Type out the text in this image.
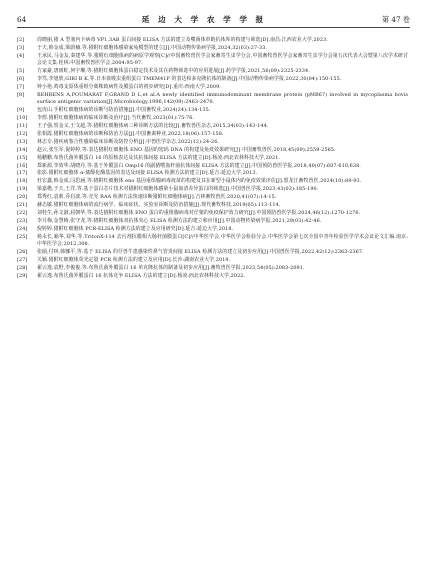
64	延 边 大 学 农 学 学 报	第 47 卷
[2]	周晓丽,猪 A 型塞内卡病毒 VP1,3AB 蛋白间接 ELISA 方法的建立及噬菌体单链抗体库的构建与筛选[D].南昌:江西农业大学,2023.
[3]	于天,韩金成,梁蔚楠,等.猪附红细胞体感染家兔模型的建立[J].中国动物传染病学报,2024,32(03):27-33.
[4]	王承民,马金友,秦建华,等.猪附红细胞体病的病原学观察[C]//中国畜牧兽医学会家畜寄生虫学分会,中国畜牧兽医学会家畜寄生虫学分会第五次代表大会暨第八次学术研讨会论文集.桂林:中国畜牧兽医学会,2004:95-97.
[5]	方家豪,唐雨虹,何宇琳,等.猪附红细胞体蛋白稳定技术及其在药物筛选中的应用进展[J].药学学报,2021,56(09):2325-2334.
[6]	李笃,李旭欣,GIRI B K,等.日本血吸虫重组蛋白 TMEM41P 的表达和多克隆抗体的制备[J].中国动物传染病学报,2022,30(04):150-155.
[7]	钟小艳.鸡毒支原体重组分离株致病性及膜蛋白的初步研究[D].重庆:西南大学,2009.
[8]	BEHRENS A,POUMARAT F,GRAND D L,et al.A newly identified immunodominant membrane protein (pMB67) involved in mycoplasma bovis surface antigenic variation[J].Microbiology,1996,142(09):2463-2470.
[9]	包虎山.手附红细胞体病的诊断与防治措施[J].中国畜牧业,2024(24):134-135.
[10]	李煜.猪附红细胞体病的临床诊断及治疗[J].当代畜牧,2023(01):75-76.
[11]	王子强,贺金义,王文超,等.猪附红细胞体病三种诊断方法的比较[J].畜牧兽医杂志,2015,34(03):143-144.
[12]	张相霞.猪附红细胞体病的诊断和防治方法[J].中国畜禽种业,2022,18(06):157-158.
[13]	林志专.猪疾病鉴合性感染临床诊断及防控分析[J].中兽医学杂志,2022(12):24-26.
[14]	赵云,张生军,倪婷婷,等.表达猪附红细胞体 ENO 基因的密码 DNA 的构建及免疫效果研究[J].中国畜牧兽医,2018,45(09):2559-2565.
[15]	杨鹏鹏.布鲁氏菌外膜蛋白 16 的原核表达及其抗体间接 ELISA 方法的建立[D].杨凌:西北农林科技大学,2021.
[16]	郑新源,李效华,胡晓丹,等.基于外膜蛋白 Omp16 的副猪嗜血杆菌抗体间接 ELISA 方法的建立[J].中国预防兽医学报,2018,40(07):607-610,638.
[17]	张影.猪附红细胞体 α-烯醇化酶基因的表达及间接 ELISA 检测方法的建立[D].延吉:延边大学,2013.
[18]	杜宏鑫,韩金成,闫思涵,等.猪附红细胞体 eno 基因重组腺病毒疫苗的构建及其在新型小鼠体内的免疫效果评估[J].黑龙江畜牧兽医,2024(10):89-93.
[19]	梁嘉楷,于天,王洋,等.基于蛋白芯片技术对猪附红细胞体感染小鼠血清差异蛋白的筛选[J].中国兽医学报,2023,43(03):185-190.
[20]	郑秀红,袁莉,乔启波,等.壳光 RAA 检测方法快速诊断猪附红细胞体病[J].吉林畜牧兽医,2020,41(07):14-15.
[21]	赫志敏.猪附红细胞体病的流行病学、临床症状、实验室诊断及防治措施[J].现代畜牧科技,2019(05):113-114.
[22]	刘桂生,孙文淑,屈朝华,等.表达猪附红细胞体 ENO 蛋白的重组腺病毒对仔猪的免疫保护效力研究[J].中国预防兽医学报,2024,46(12):1270-1276.
[23]	李月梅,金慧梅,张守龙,等.猪附红细胞体双抗体夹心 ELISA 检测方法的建立和应用[J].中国动物传染病学报,2021,29(03):42-46.
[24]	倪婷婷.猪附红细胞体 PCR-ELISA 检测方法的建立及应用研究[D].延吉:延边大学,2018.
[25]	杨永长,喻华,刘华,等.TritonX-114 去污剂抗膜相大肠杆菌膜蛋白[C]//中华医学会,中华医学会检验分会.中华医学会第七次全国中青年检验医学学术会议论文汇编.南京:中华医学会,2012,308.
[26]	张硕,付林,韩娜平,等.基于 ELISA 的仔兽牛患感染性鼻气管炎间接 ELISA 检测方法的建立及初步应用[J].中国兽医学报,2022,42(12):2363-2367.
[27]	关颖.猪附红细胞体荧光定量 PCR 检测方法的建立及应用[D].长沙:湖南农业大学,2019.
[28]	翟云逸,袁野,李俊俊,等.布鲁氏菌外膜蛋白 16 单克隆抗体的制备及初步应用[J].畜牧兽医学报,2023,54(05):2083-2091.
[29]	翟云逸.布鲁氏菌外膜蛋白 16 抗体竞争 ELISA 方法的建立[D].杨凌:西北农林科技大学,2022.
